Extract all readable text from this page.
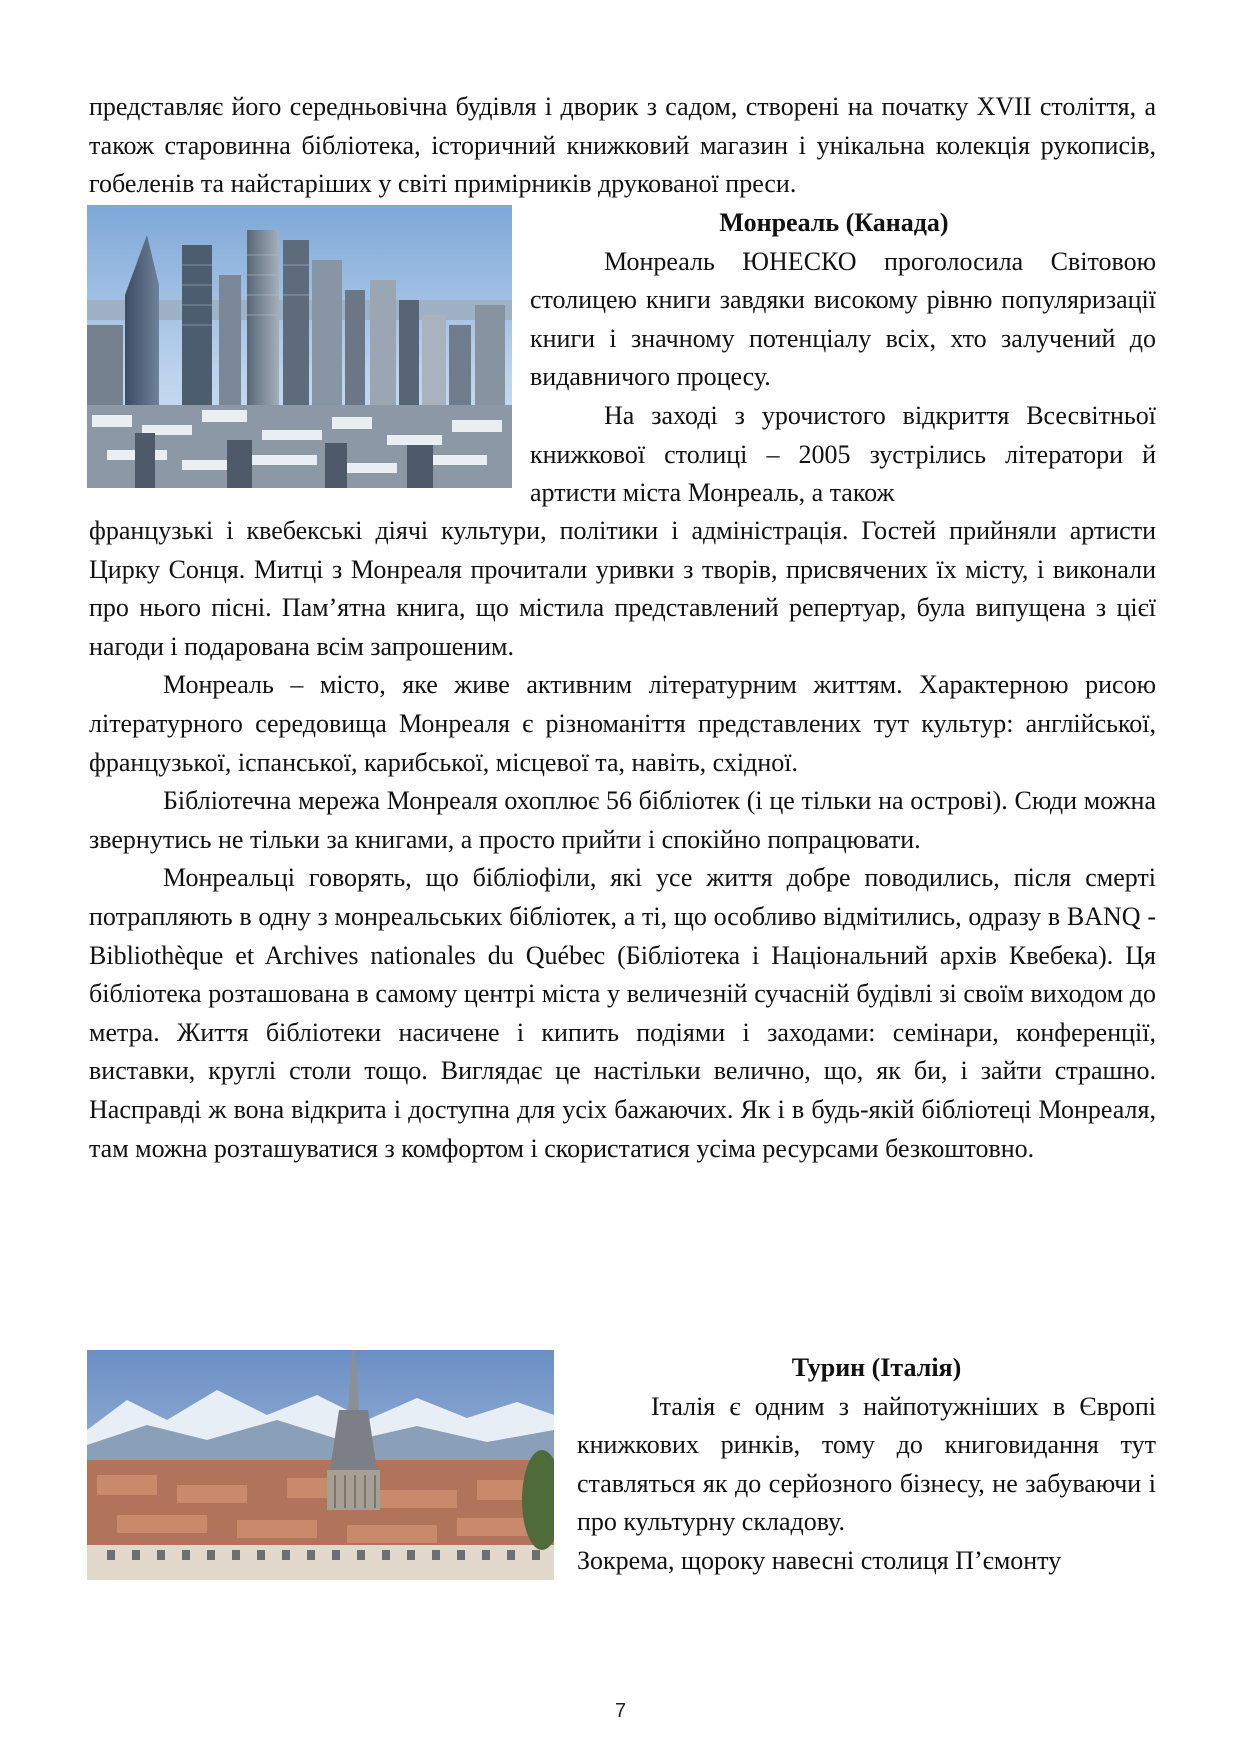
представляє його середньовічна будівля і дворик з садом, створені на початку XVII століття, а також старовинна бібліотека, історичний книжковий магазин і унікальна колекція рукописів, гобеленів та найстаріших у світі примірників друкованої преси.

Монреаль (Канада)

Монреаль ЮНЕСКО проголосила Світовою столицею книги завдяки високому рівню популяризації книги і значному потенціалу всіх, хто залучений до видавничого процесу.

На заході з урочистого відкриття Всесвітньої книжкової столиці – 2005 зустрілись літератори й артисти міста Монреаль, а також

французькі і квебекські діячі культури, політики і адміністрація. Гостей прийняли артисти Цирку Сонця. Митці з Монреаля прочитали уривки з творів, присвячених їх місту, і виконали про нього пісні. Пам’ятна книга, що містила представлений репертуар, була випущена з цієї нагоди і подарована всім запрошеним.

Монреаль – місто, яке живе активним літературним життям. Характерною рисою літературного середовища Монреаля є різноманіття представлених тут культур: англійської, французької, іспанської, карибської, місцевої та, навіть, східної.

Бібліотечна мережа Монреаля охоплює 56 бібліотек (і це тільки на острові). Сюди можна звернутись не тільки за книгами, а просто прийти і спокійно попрацювати.

Монреальці говорять, що бібліофіли, які усе життя добре поводились, після смерті потрапляють в одну з монреальських бібліотек, а ті, що особливо відмітились, одразу в BANQ - Bibliothèque et Archives nationales du Québec (Бібліотека і Національний архів Квебека). Ця бібліотека розташована в самому центрі міста у величезній сучасній будівлі зі своїм виходом до метра. Життя бібліотеки насичене і кипить подіями і заходами: семінари, конференції, виставки, круглі столи тощо. Виглядає це настільки велично, що, як би, і зайти страшно. Насправді ж вона відкрита і доступна для усіх бажаючих. Як і в будь-якій бібліотеці Монреаля, там можна розташуватися з комфортом і скористатися усіма ресурсами безкоштовно.

Турин (Італія)

Італія є одним з найпотужніших в Європі книжкових ринків, тому до книговидання тут ставляться як до серйозного бізнесу, не забуваючи і про культурну складову.

Зокрема, щороку навесні столиця П’ємонту

7
